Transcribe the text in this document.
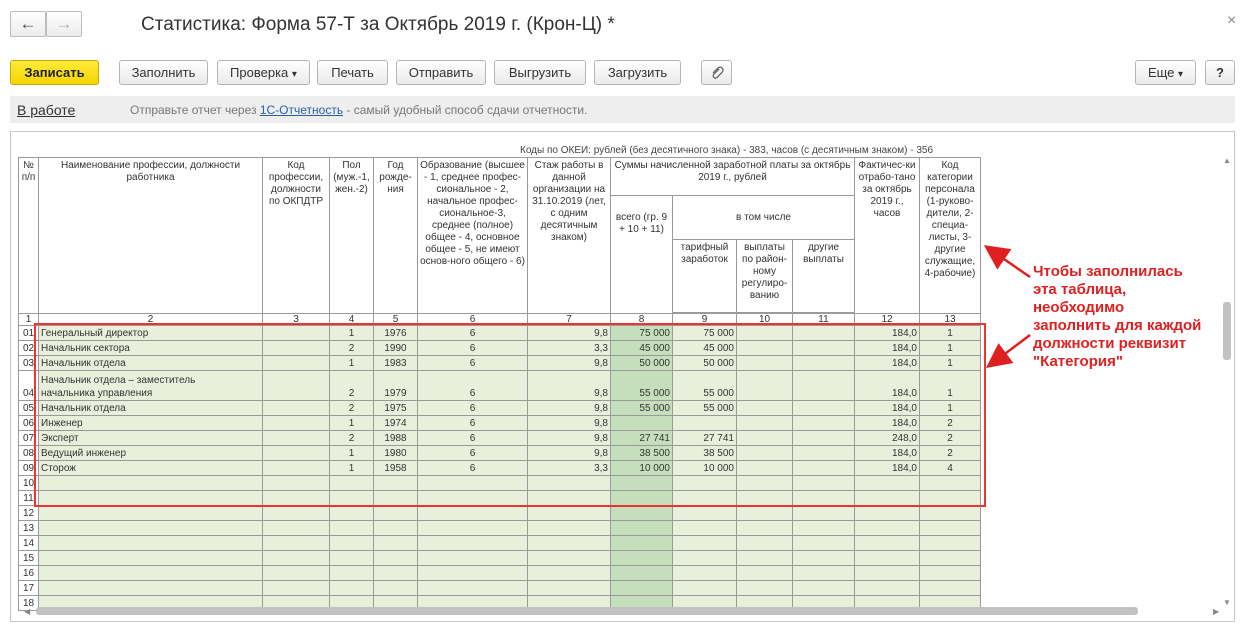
←	→	Статистика: Форма 57-Т за Октябрь 2019 г. (Крон-Ц) *	×
Записать	Заполнить	Проверка ▾	Печать	Отправить	Выгрузить	Загрузить	Еще ▾	?
В работе	Отправьте отчет через 1С-Отчетность - самый удобный способ сдачи отчетности.
Коды по ОКЕИ: рублей (без десятичного знака) - 383, часов (с десятичным знаком) - 356
№ п/п	Наименование профессии, должности работника	Код профессии, должности по ОКПДТР	Пол (муж.-1, жен.-2)	Год рожде-ния	Образование (высшее - 1, среднее профес-сиональное - 2, начальное профес-сиональное-3, среднее (полное) общее - 4, основное общее - 5, не имеют основ-ного общего - 6)	Стаж работы в данной организации на 31.10.2019 (лет, с одним десятичным знаком)	Суммы начисленной заработной платы за октябрь 2019 г., рублей				Фактичес-ки отрабо-тано за октябрь 2019 г., часов	Код категории персонала (1-руково-дители, 2-специа-листы, 3-другие служащие, 4-рабочие)
							всего (гр. 9 + 10 + 11)	в том числе				
								тарифный заработок	выплаты по район-ному регулиро-ванию	другие выплаты		

1	2	3	4	5	6	7	8	9	10	11	12	13
01	Генеральный директор		1	1976	6	9,8	75 000	75 000			184,0	1
02	Начальник сектора		2	1990	6	3,3	45 000	45 000			184,0	1
03	Начальник отдела		1	1983	6	9,8	50 000	50 000			184,0	1
04	Начальник отдела – заместитель
начальника управления		2	1979	6	9,8	55 000	55 000			184,0	1
05	Начальник отдела		2	1975	6	9,8	55 000	55 000			184,0	1
06	Инженер		1	1974	6	9,8					184,0	2
07	Эксперт		2	1988	6	9,8	27 741	27 741			248,0	2
08	Ведущий инженер		1	1980	6	9,8	38 500	38 500			184,0	2
09	Сторож		1	1958	6	3,3	10 000	10 000			184,0	4
10												
11												
12												
13												
14												
15												
16												
17												
18												
▲
▼
◀	▶
Чтобы заполнилась эта таблица, необходимо заполнить для каждой должности реквизит "Категория"
